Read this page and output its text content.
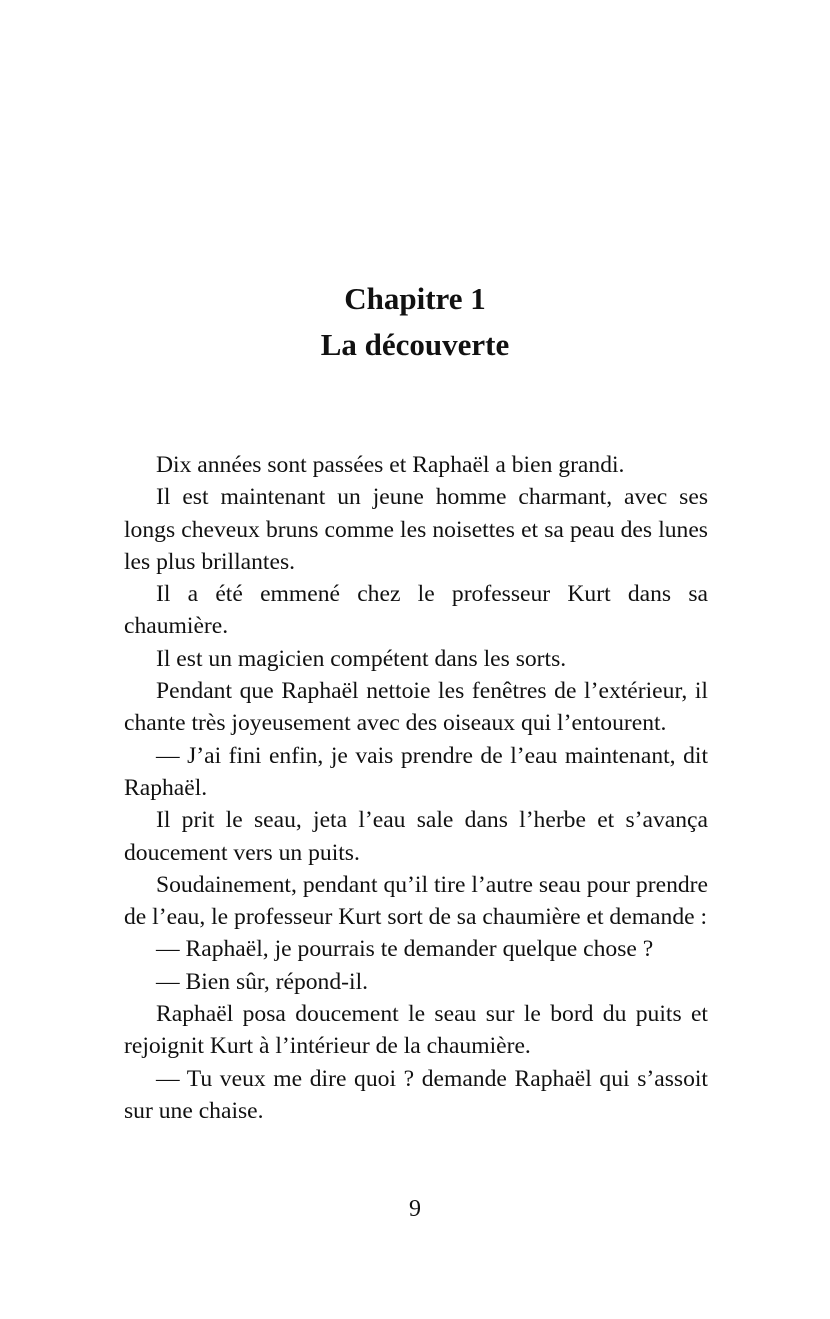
Chapitre 1
La découverte

Dix années sont passées et Raphaël a bien grandi.

Il est maintenant un jeune homme charmant, avec ses longs cheveux bruns comme les noisettes et sa peau des lunes les plus brillantes.

Il a été emmené chez le professeur Kurt dans sa chaumière.

Il est un magicien compétent dans les sorts.

Pendant que Raphaël nettoie les fenêtres de l’extérieur, il chante très joyeusement avec des oiseaux qui l’entourent.

— J’ai fini enfin, je vais prendre de l’eau maintenant, dit Raphaël.

Il prit le seau, jeta l’eau sale dans l’herbe et s’avança doucement vers un puits.

Soudainement, pendant qu’il tire l’autre seau pour prendre de l’eau, le professeur Kurt sort de sa chaumière et demande :

— Raphaël, je pourrais te demander quelque chose ?

— Bien sûr, répond-il.

Raphaël posa doucement le seau sur le bord du puits et rejoignit Kurt à l’intérieur de la chaumière.

— Tu veux me dire quoi ? demande Raphaël qui s’assoit sur une chaise.

9
